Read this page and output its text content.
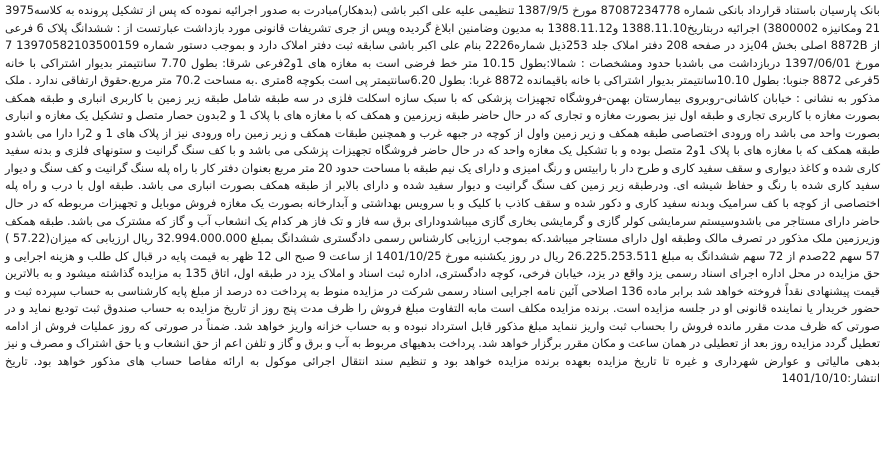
بانک پارسیان باستناد قرارداد بانکی شماره 87087234778 مورخ 1387/9/5 تنظیمی علیه علی اکبر باشی (بدهکار)مبادرت به صدور اجرائیه نموده که پس از تشکیل پرونده به کلاسه3975 21 ومکانیزه 3800002) اجرائیه دربتاریخ1388.11.10 و1388.11.12 به مدیون وضامنین ابلاغ گردیده وپس از جری تشریفات قانونی مورد بازداشت عبارتست از : ششدانگ پلاک 6 فرعی از 8872B اصلی بخش 04یزد در صفحه 208 دفتر املاک جلد 253ذیل شماره2226 بنام علی اکبر باشی سابقه ثبت دفتر املاک دارد و بموجب دستور شماره 13970582103500159 7 مورخ 1397/06/01 دربازداشت می باشدبا حدود ومشخصات : شمالا:بطول 10.15 متر خط فرضی است به مغازه های 1و2فرعی شرقا: بطول 7.70 سانتیمتر بدیوار اشتراکی با خانه 5فرعی 8872 جنوبا: بطول 10.10سانتیمتر بدیوار اشتراکی با خانه باقیمانده 8872 غربا: بطول 6.20سانتیمتر پی است بکوچه 8متری .به مساحت 70.2 متر مربع.حقوق ارتفاقی ندارد . ملک مذکور به نشانی : خیابان کاشانی-روبروی بیمارستان بهمن-فروشگاه تجهیزات پزشکی که با سبک سازه اسکلت فلزی در سه طبقه شامل طبقه زیر زمین با کاربری انباری و طبقه همکف بصورت مغازه با کاربری تجاری و طبقه اول نیز بصورت مغازه و تجاری که در حال حاضر طبقه زیرزمین و همکف که با مغازه های با پلاک 1 و 2بدون حصار متصل و تشکیل یک مغازه و انباری بصورت واحد می باشد راه ورودی اختصاصی طبقه همکف و زیر زمین واول از کوچه در جبهه غرب و همچنین طبقات همکف و زیر زمین راه ورودی نیز از پلاک های 1 و 2را دارا می باشدو طبقه همکف که با مغازه های با پلاک 1و2 متصل بوده و با تشکیل یک مغازه واحد که در حال حاضر فروشگاه تجهیزات پزشکی می باشد و با کف سنگ گرانیت و ستونهای فلزی و بدنه سفید کاری شده و کاغذ دیواری و سقف سفید کاری و طرح دار با رابیتس و رنگ امیزی و دارای یک نیم طبقه با مساحت حدود 20 متر مربع بعنوان دفتر کار با راه پله سنگ گرانیت و کف سنگ و دیوار سفید کاری شده با رنگ و حفاظ شیشه ای. ودرطبقه زیر زمین کف سنگ گرانیت و دیوار سفید شده و دارای بالابر از طبقه همکف بصورت انباری می باشد. طبقه اول با درب و راه پله اختصاصی از کوچه با کف سرامیک وبدنه سفید کاری و دکور شده و سقف کاذب با کلیک و با سرویس بهداشتی و آبدارخانه بصورت یک مغازه فروش موبایل و تجهیزات مربوطه که در حال حاضر دارای مستاجر می باشدوسیستم سرمایشی کولر گازی و گرمایشی بخاری گازی میباشدودارای برق سه فاز و تک فاز هر کدام یک انشعاب آب و گاز که مشترک می باشد. طبقه همکف وزیرزمین ملک مذکور در تصرف مالک وطبقه اول دارای مستاجر میباشد.که بموجب ارزیابی کارشناس رسمی دادگستری ششدانگ بمبلغ 32.994.000.000 ریال ارزیابی که میزان(57.22 ) 57 سهم 22صدم از 72 سهم ششدانگ به مبلغ 26.225.253.511 ریال در روز یکشنبه مورخ 1401/10/25 از ساعت 9 صبح الی 12 ظهر به قیمت پایه در قبال کل طلب و هزینه اجرایی و حق مزایده در محل اداره اجرای اسناد رسمی یزد واقع در یزد، خیابان فرخی، کوچه دادگستری، اداره ثبت اسناد و املاک یزد در طبقه اول، اتاق 135 به مزایده گذاشته میشود و به بالاترین قیمت پیشنهادی نقداً فروخته خواهد شد برابر ماده 136 اصلاحی آئین نامه اجرایی اسناد رسمی شرکت در مزایده منوط به پرداخت ده درصد از مبلغ پایه کارشناسی به حساب سپرده ثبت و حضور خریدار یا نماینده قانونی او در جلسه مزایده است. برنده مزایده مکلف است مابه التفاوت مبلغ فروش را ظرف مدت پنج روز از تاریخ مزایده به حساب صندوق ثبت تودیع نماید و در صورتی که ظرف مدت مقرر مانده فروش را بحساب ثبت واریز ننماید مبلغ مذکور قابل استرداد نبوده و به حساب خزانه واریز خواهد شد. ضمناً در صورتی که روز عملیات فروش از ادامه تعطیل گردد مزایده روز بعد از تعطیلی در همان ساعت و مکان مقرر برگزار خواهد شد. پرداخت بدهیهای مربوط به آب و برق و گاز و تلفن اعم از حق انشعاب و یا حق اشتراک و مصرف و نیز بدهی مالیاتی و عوارض شهرداری و غیره تا تاریخ مزایده بعهده برنده مزایده خواهد بود و تنظیم سند انتقال اجرائی موکول به ارائه مفاصا حساب های مذکور خواهد بود. تاریخ انتشار:1401/10/10
